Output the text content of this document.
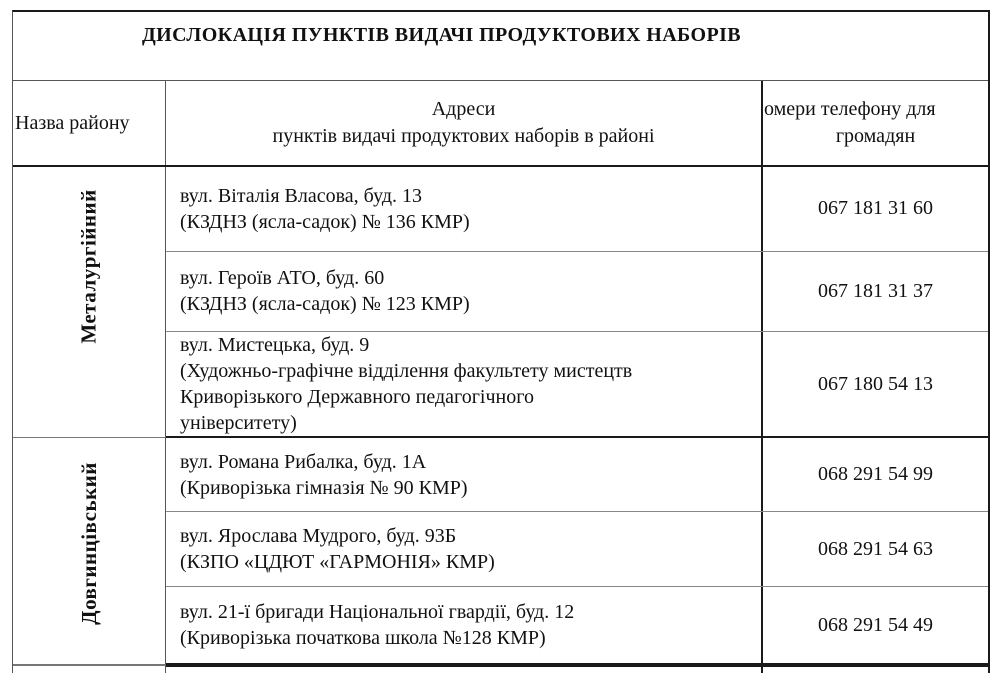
ДИСЛОКАЦІЯ ПУНКТІВ ВИДАЧІ ПРОДУКТОВИХ НАБОРІВ
Назва району
Адреси
пунктів видачі продуктових наборів в районі
омери телефону для
громадян
Металургійний	вул. Віталія Власова, буд. 13
(КЗДНЗ (ясла-садок) № 136 КМР)
067 181 31 60
вул. Героїв АТО, буд. 60
(КЗДНЗ (ясла-садок) № 123 КМР)
067 181 31 37
вул. Мистецька, буд. 9
(Художньо-графічне відділення факультету мистецтв
Криворізького Державного педагогічного
університету)
067 180 54 13
Довгинцівський
вул. Романа Рибалка, буд. 1А
(Криворізька гімназія № 90 КМР)
068 291 54 99
вул. Ярослава Мудрого, буд. 93Б
(КЗПО «ЦДЮТ «ГАРМОНІЯ» КМР)
068 291 54 63
вул. 21-ї бригади Національної гвардії, буд. 12
(Криворізька початкова школа №128 КМР)
068 291 54 49
